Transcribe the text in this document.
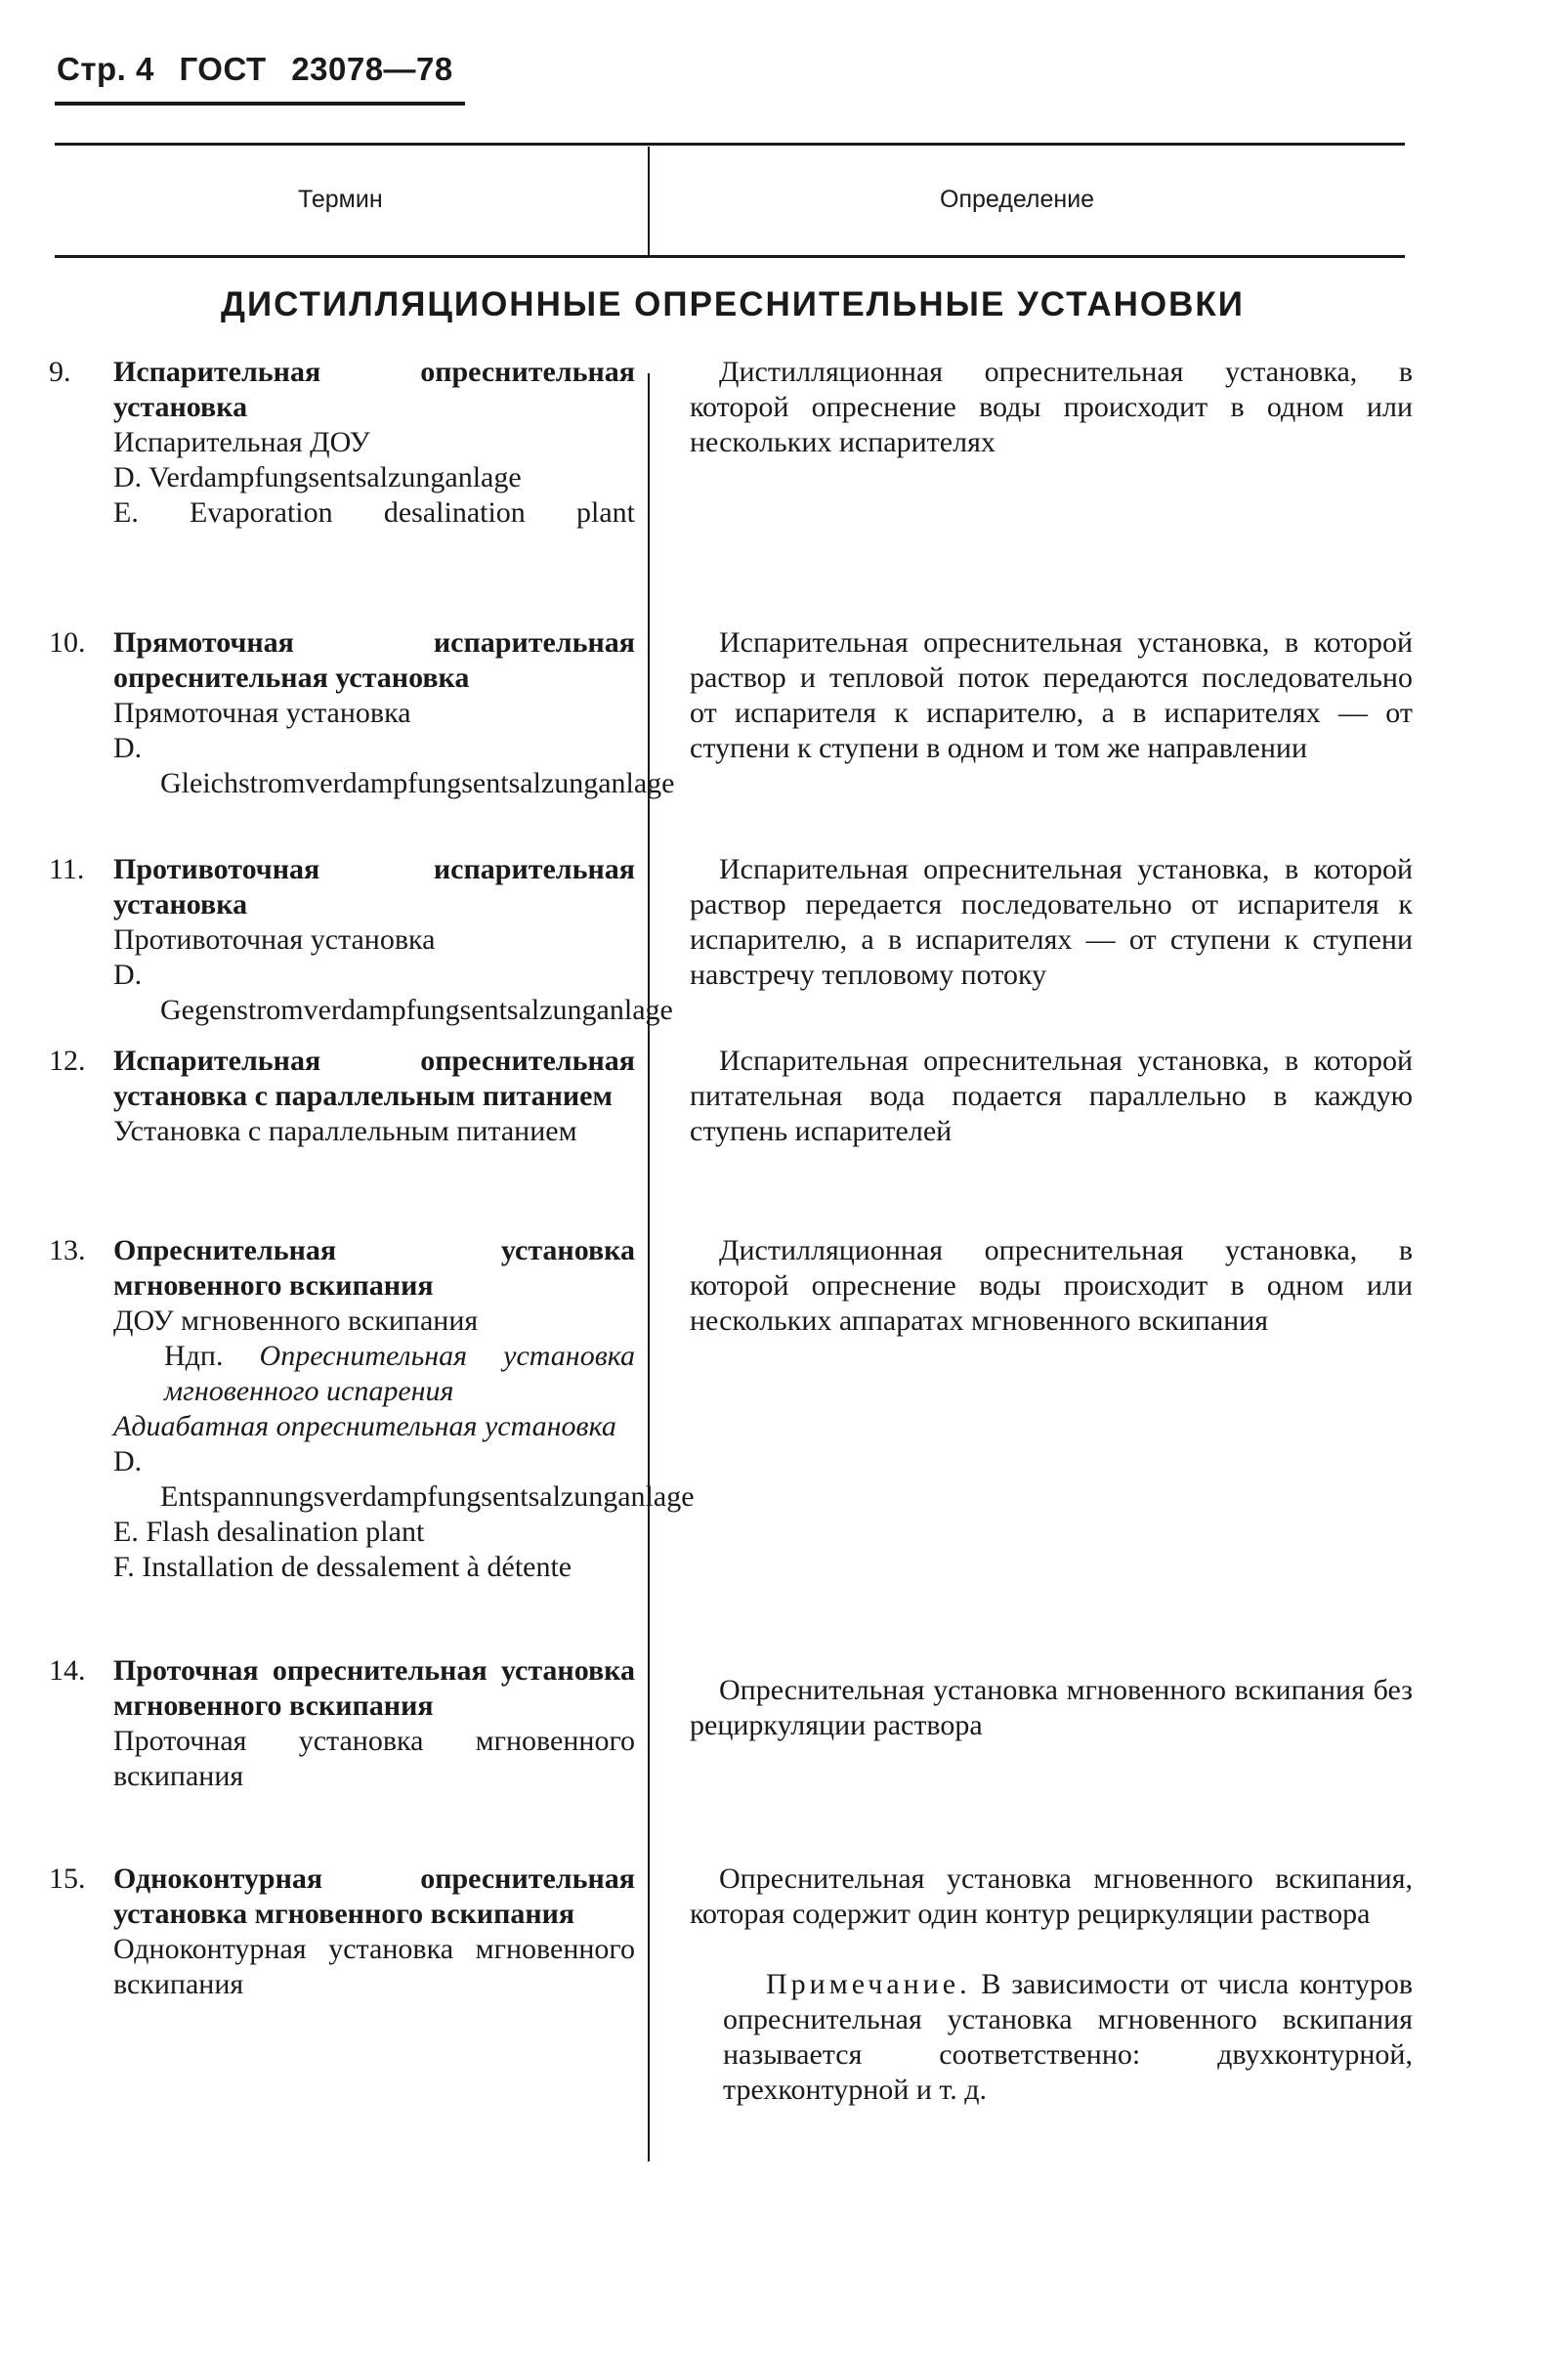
Стр. 4 ГОСТ 23078—78
Термин	Определение
ДИСТИЛЛЯЦИОННЫЕ ОПРЕСНИТЕЛЬНЫЕ УСТАНОВКИ
9.	Испарительная опреснительная установка
Испарительная ДОУ
D. Verdampfungsentsalzunganlage
E. Evaporation desalination plant
Дистилляционная опреснительная установка, в которой опреснение воды происходит в одном или нескольких испарителях
10. Прямоточная испарительная опреснительная установка
Прямоточная установка
D. Gleichstromverdampfungsentsalzunganlage
Испарительная опреснительная установка, в которой раствор и тепловой поток передаются последовательно от испарителя к испарителю, а в испарителях — от ступени к ступени в одном и том же направлении
11. Противоточная испарительная установка
Противоточная установка
D. Gegenstromverdampfungsentsalzunganlage
Испарительная опреснительная установка, в которой раствор передается последовательно от испарителя к испарителю, а в испарителях — от ступени к ступени навстречу тепловому потоку
12. Испарительная опреснительная установка с параллельным питанием
Установка с параллельным питанием
Испарительная опреснительная установка, в которой питательная вода подается параллельно в каждую ступень испарителей
13. Опреснительная установка мгновенного вскипания
ДОУ мгновенного вскипания
Ндп. Опреснительная установка мгновенного испарения
Адиабатная опреснительная установка
D. Entspannungsverdampfungsentsalzunganlage
E. Flash desalination plant
F. Installation de dessalement à détente
Дистилляционная опреснительная установка, в которой опреснение воды происходит в одном или нескольких аппаратах мгновенного вскипания
14. Проточная опреснительная установка мгновенного вскипания
Проточная установка мгновенного вскипания
Опреснительная установка мгновенного вскипания без рециркуляции раствора
15. Одноконтурная опреснительная установка мгновенного вскипания
Одноконтурная установка мгновенного вскипания
Опреснительная установка мгновенного вскипания, которая содержит один контур рециркуляции раствора
Примечание. В зависимости от числа контуров опреснительная установка мгновенного вскипания называется соответственно: двухконтурной, трехконтурной и т. д.
